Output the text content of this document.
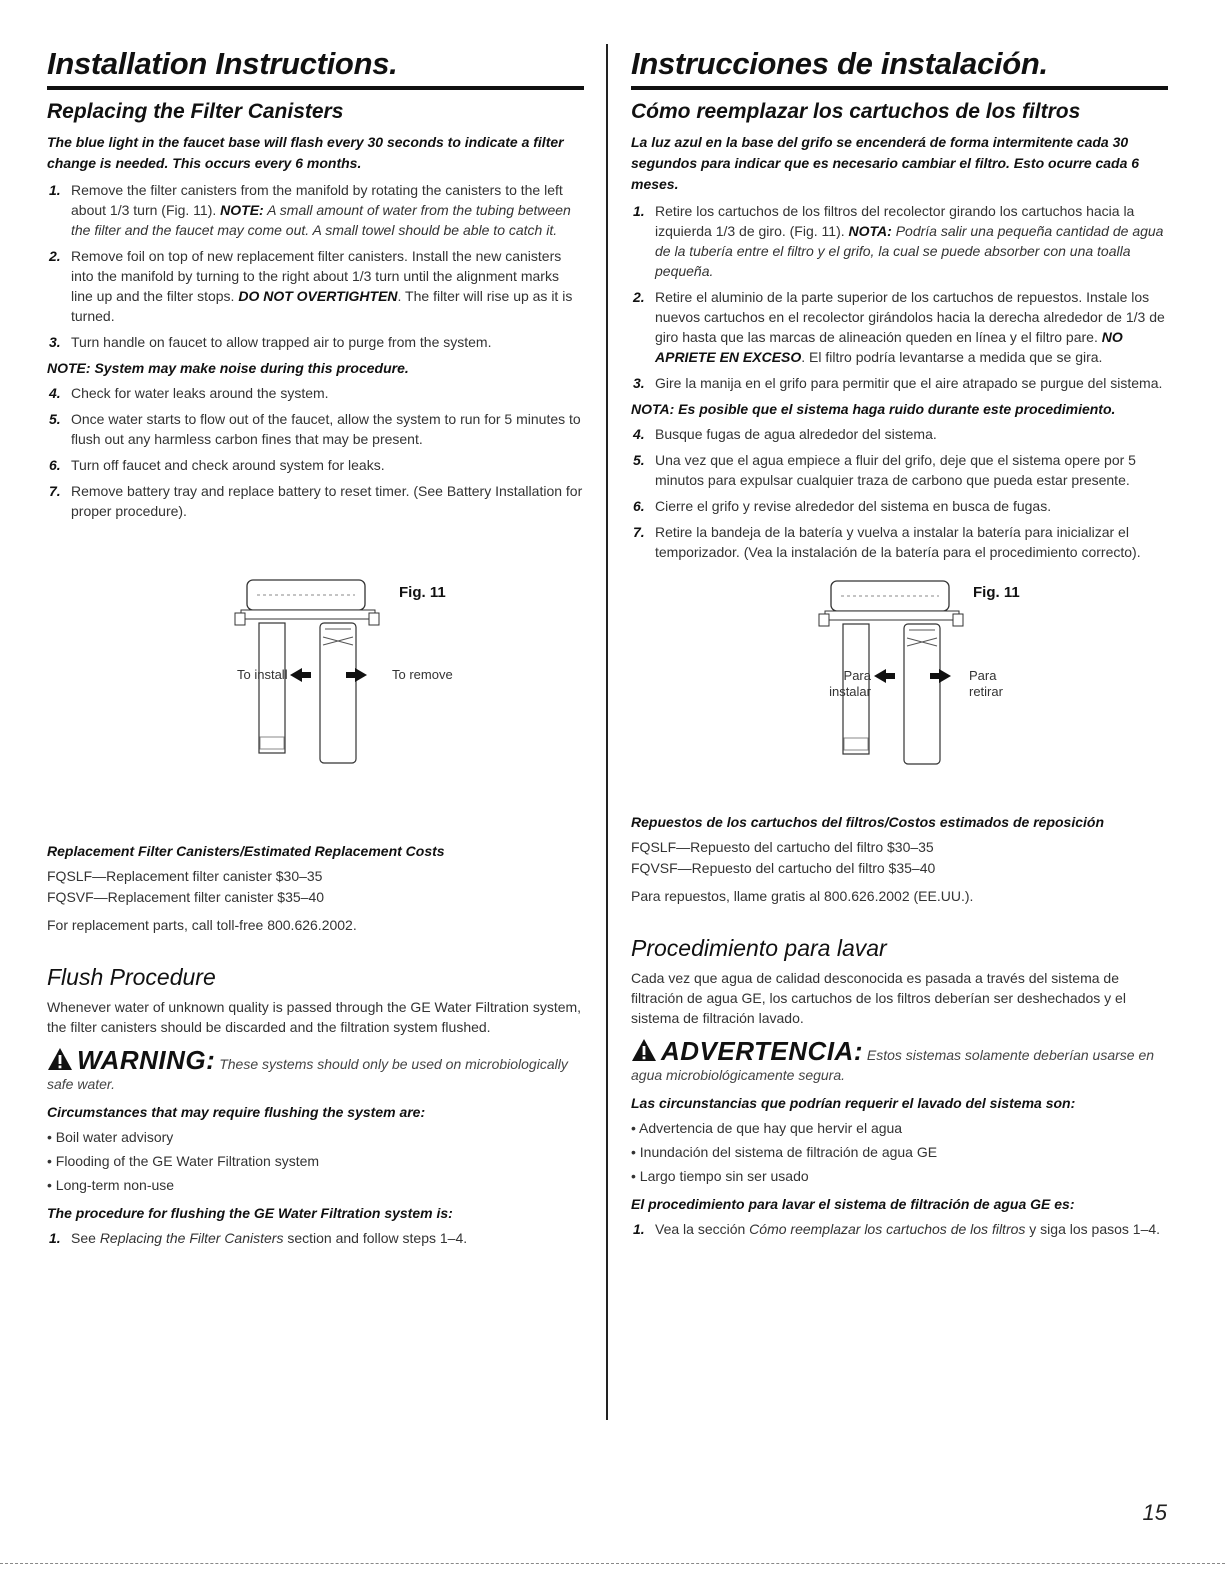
Installation Instructions.
Replacing the Filter Canisters
The blue light in the faucet base will flash every 30 seconds to indicate a filter change is needed. This occurs every 6 months.
1. Remove the filter canisters from the manifold by rotating the canisters to the left about 1/3 turn (Fig. 11). NOTE: A small amount of water from the tubing between the filter and the faucet may come out. A small towel should be able to catch it.
2. Remove foil on top of new replacement filter canisters. Install the new canisters into the manifold by turning to the right about 1/3 turn until the alignment marks line up and the filter stops. DO NOT OVERTIGHTEN. The filter will rise up as it is turned.
3. Turn handle on faucet to allow trapped air to purge from the system.
NOTE: System may make noise during this procedure.
4. Check for water leaks around the system.
5. Once water starts to flow out of the faucet, allow the system to run for 5 minutes to flush out any harmless carbon fines that may be present.
6. Turn off faucet and check around system for leaks.
7. Remove battery tray and replace battery to reset timer. (See Battery Installation for proper procedure).
Fig. 11
To install	To remove
Replacement Filter Canisters/Estimated Replacement Costs

FQSLF—Replacement filter canister $30–35

FQSVF—Replacement filter canister $35–40

For replacement parts, call toll-free 800.626.2002.

Flush Procedure

Whenever water of unknown quality is passed through the GE Water Filtration system, the filter canisters should be discarded and the filtration system flushed.

WARNING: These systems should only be used on microbiologically safe water.
Circumstances that may require flushing the system are:

• Boil water advisory

• Flooding of the GE Water Filtration system

• Long-term non-use

The procedure for flushing the GE Water Filtration system is:
1. See Replacing the Filter Canisters section and follow steps 1–4.
Instrucciones de instalación.
Cómo reemplazar los cartuchos de los filtros
La luz azul en la base del grifo se encenderá de forma intermitente cada 30 segundos para indicar que es necesario cambiar el filtro. Esto ocurre cada 6 meses.
1. Retire los cartuchos de los filtros del recolector girando los cartuchos hacia la izquierda 1/3 de giro. (Fig. 11). NOTA: Podría salir una pequeña cantidad de agua de la tubería entre el filtro y el grifo, la cual se puede absorber con una toalla pequeña.
2. Retire el aluminio de la parte superior de los cartuchos de repuestos. Instale los nuevos cartuchos en el recolector girándolos hacia la derecha alrededor de 1/3 de giro hasta que las marcas de alineación queden en línea y el filtro pare. NO APRIETE EN EXCESO. El filtro podría levantarse a medida que se gira.
3. Gire la manija en el grifo para permitir que el aire atrapado se purgue del sistema.
NOTA: Es posible que el sistema haga ruido durante este procedimiento.
4. Busque fugas de agua alrededor del sistema.
5. Una vez que el agua empiece a fluir del grifo, deje que el sistema opere por 5 minutos para expulsar cualquier traza de carbono que pueda estar presente.
6. Cierre el grifo y revise alrededor del sistema en busca de fugas.
7. Retire la bandeja de la batería y vuelva a instalar la batería para inicializar el temporizador. (Vea la instalación de la batería para el procedimiento correcto).
Fig. 11
Para
instalar
Para
retirar
Repuestos de los cartuchos del filtros/Costos estimados de reposición

FQSLF—Repuesto del cartucho del filtro $30–35

FQVSF—Repuesto del cartucho del filtro $35–40

Para repuestos, llame gratis al 800.626.2002 (EE.UU.).

Procedimiento para lavar

Cada vez que agua de calidad desconocida es pasada a través del sistema de filtración de agua GE, los cartuchos de los filtros deberían ser deshechados y el sistema de filtración lavado.

ADVERTENCIA: Estos sistemas solamente deberían usarse en agua microbiológicamente segura.
Las circunstancias que podrían requerir el lavado del sistema son:

• Advertencia de que hay que hervir el agua

• Inundación del sistema de filtración de agua GE

• Largo tiempo sin ser usado

El procedimiento para lavar el sistema de filtración de agua GE es:
1. Vea la sección Cómo reemplazar los cartuchos de los filtros y siga los pasos 1–4.
15
